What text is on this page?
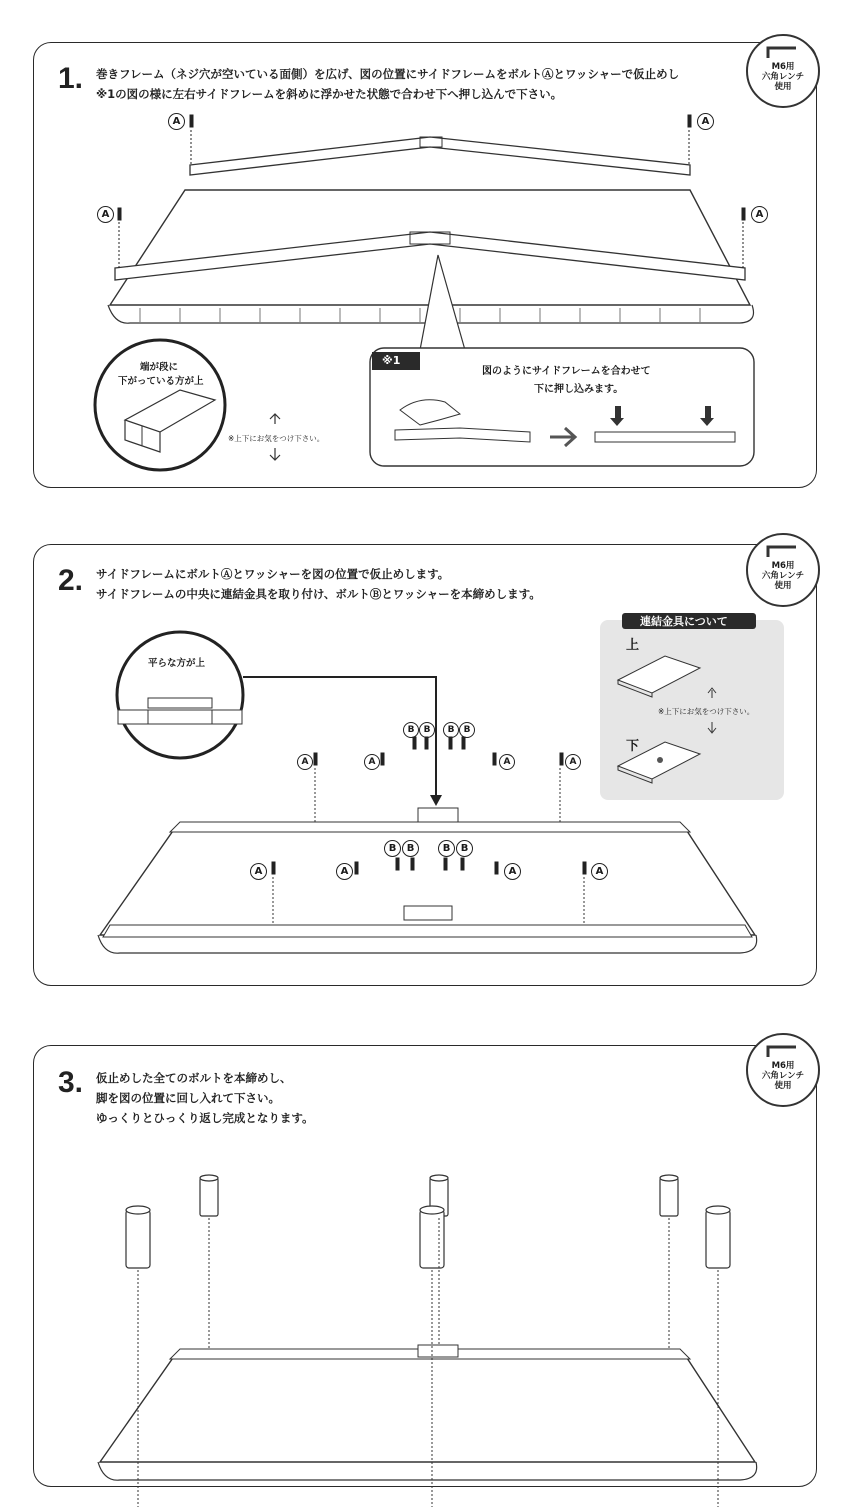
1. 巻きフレーム（ネジ穴が空いている面側）を広げ、図の位置にサイドフレームをボルトⒶとワッシャーで仮止めし
※1の図の様に左右サイドフレームを斜めに浮かせた状態で合わせ下へ押し込んで下さい。
M6用
六角レンチ
使用
A	A
A	A
端が段に
下がっている方が上
※上下にお気をつけ下さい。
※1
図のようにサイドフレームを合わせて
下に押し込みます。
2. サイドフレームにボルトⒶとワッシャーを図の位置で仮止めします。
サイドフレームの中央に連結金具を取り付け、ボルトⒷとワッシャーを本締めします。
M6用
六角レンチ
使用
連結金具について
上
下
※上下にお気をつけ下さい。
平らな方が上
A	A	A	A
B	B	B	B
A	A	A	A
B	B	B	B
3. 仮止めした全てのボルトを本締めし、
脚を図の位置に回し入れて下さい。
ゆっくりとひっくり返し完成となります。
M6用
六角レンチ
使用
